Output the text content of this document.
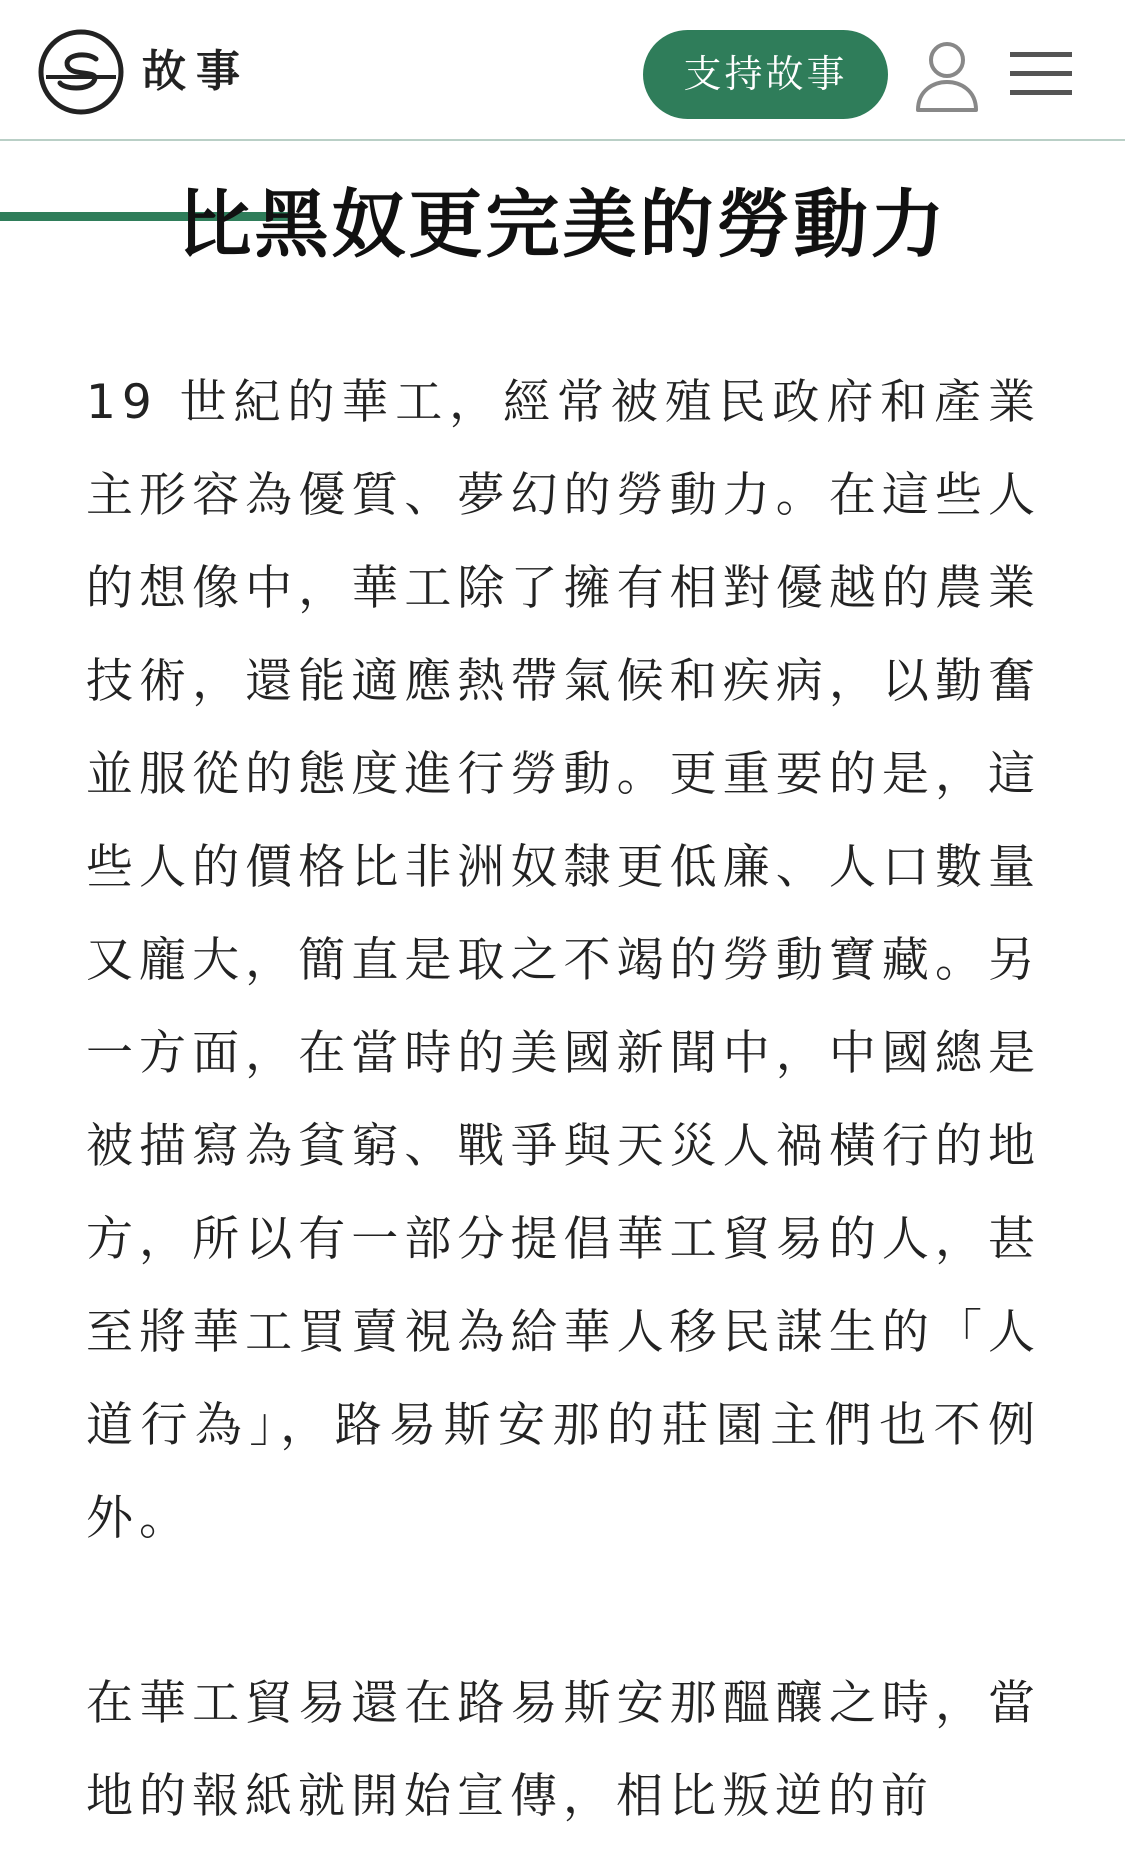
故事	支持故事
比黑奴更完美的勞動力

19 世紀的華工，經常被殖民政府和產業主形容為優質、夢幻的勞動力。在這些人的想像中，華工除了擁有相對優越的農業技術，還能適應熱帶氣候和疾病，以勤奮並服從的態度進行勞動。更重要的是，這些人的價格比非洲奴隸更低廉、人口數量又龐大，簡直是取之不竭的勞動寶藏。另一方面，在當時的美國新聞中，中國總是被描寫為貧窮、戰爭與天災人禍橫行的地方，所以有一部分提倡華工貿易的人，甚至將華工買賣視為給華人移民謀生的「人道行為」，路易斯安那的莊園主們也不例外。

在華工貿易還在路易斯安那醞釀之時，當地的報紙就開始宣傳，相比叛逆的前
